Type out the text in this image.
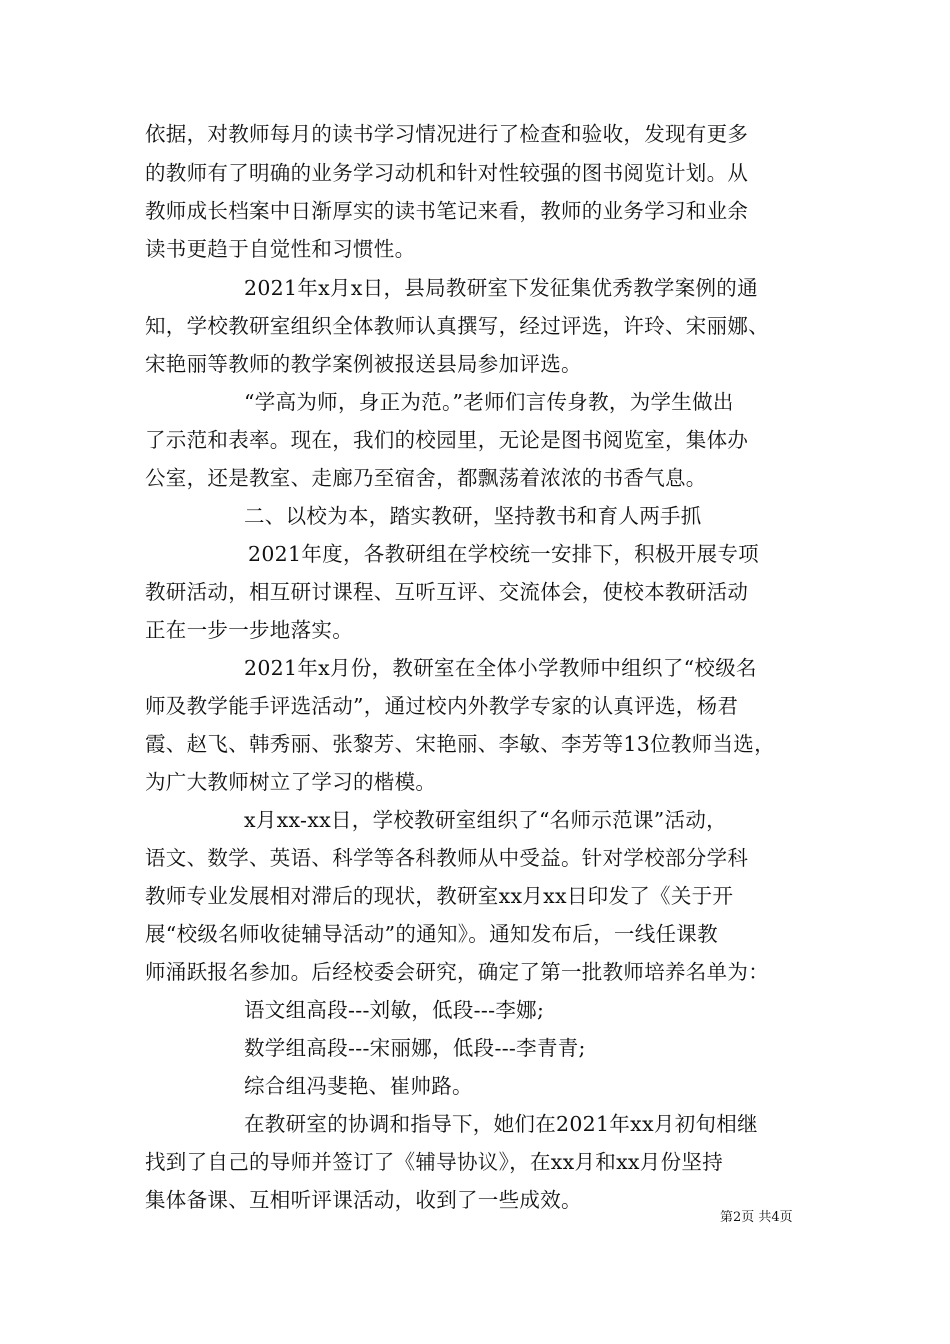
依据，对教师每月的读书学习情况进行了检查和验收，发现有更多
的教师有了明确的业务学习动机和针对性较强的图书阅览计划。从
教师成长档案中日渐厚实的读书笔记来看，教师的业务学习和业余
读书更趋于自觉性和习惯性。
2021年x月x日，县局教研室下发征集优秀教学案例的通
知，学校教研室组织全体教师认真撰写，经过评选，许玲、宋丽娜、
宋艳丽等教师的教学案例被报送县局参加评选。
“学高为师，身正为范。”老师们言传身教，为学生做出
了示范和表率。现在，我们的校园里，无论是图书阅览室，集体办
公室，还是教室、走廊乃至宿舍，都飘荡着浓浓的书香气息。
二、以校为本，踏实教研，坚持教书和育人两手抓
2021年度，各教研组在学校统一安排下，积极开展专项
教研活动，相互研讨课程、互听互评、交流体会，使校本教研活动
正在一步一步地落实。
2021年x月份，教研室在全体小学教师中组织了“校级名
师及教学能手评选活动”，通过校内外教学专家的认真评选，杨君
霞、赵飞、韩秀丽、张黎芳、宋艳丽、李敏、李芳等13位教师当选，
为广大教师树立了学习的楷模。
x月xx-xx日，学校教研室组织了“名师示范课”活动，
语文、数学、英语、科学等各科教师从中受益。针对学校部分学科
教师专业发展相对滞后的现状，教研室xx月xx日印发了《关于开
展“校级名师收徒辅导活动”的通知》。通知发布后，一线任课教
师涌跃报名参加。后经校委会研究，确定了第一批教师培养名单为：
语文组高段---刘敏，低段---李娜;
数学组高段---宋丽娜，低段---李青青;
综合组冯斐艳、崔帅路。
在教研室的协调和指导下，她们在2021年xx月初旬相继
找到了自己的导师并签订了《辅导协议》，在xx月和xx月份坚持
集体备课、互相听评课活动，收到了一些成效。
第2页 共4页
